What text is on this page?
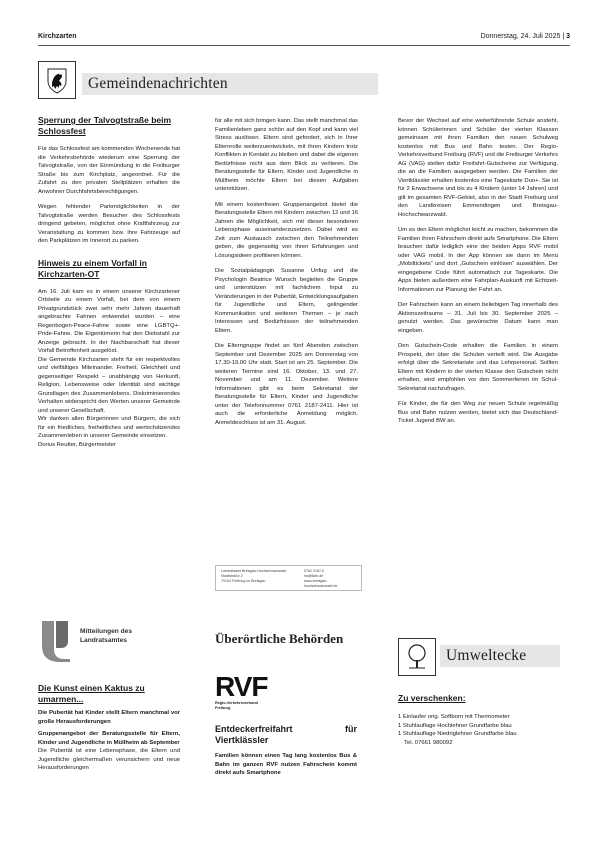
Kirchzarten	Donnerstag, 24. Juli 2025 | 3
Gemeindenachrichten
Sperrung der Talvogtstraße beim Schlossfest

Für das Schlossfest am kommenden Wochenende hat die Verkehrsbehörde wiederum eine Sperrung der Talvogtstraße, von der Einmündung in die Freiburger Straße bis zum Kirchplatz, angeordnet. Für die Zufahrt zu den privaten Stellplätzen erhalten die Anwohner Durchfahrtsberechtigungen.

Wegen fehlender Parkmöglichkeiten in der Talvogtstraße werden Besucher des Schlossfests dringend gebeten, möglichst ohne Kraftfahrzeug zur Veranstaltung zu kommen bzw. ihre Fahrzeuge auf den Parkplätzen im Innerort zu parken.

Hinweis zu einem Vorfall in Kirchzarten-OT

Am 16. Juli kam es in einem unserer Kirchzartener Ortsteile zu einem Vorfall, bei dem von einem Privatgrundstück zwei sehr mehr Jahren dauerhaft angebrachte Fahnen entwendet wurden – eine Regenbogen-Peace-Fahne sowie eine LGBTQ+-Pride-Fahne. Die Eigentümerin hat den Diebstahl zur Anzeige gebracht. In der Nachbarschaft hat dieser Vorfall Betroffenheit ausgelöst.

Die Gemeinde Kirchzarten steht für ein respektvolles und vielfältiges Miteinander. Freiheit, Gleichheit und gegenseitiger Respekt – unabhängig von Herkunft, Religion, Lebensweise oder Identität sind wichtige Grundlagen des Zusammenlebens. Diskriminierendes Verhalten widerspricht den Werten unserer Gemeinde und unserer Gesellschaft.

Wir danken allen Bürgerinnen und Bürgern, die sich für ein friedliches, freiheitliches und wertschätzendes Zusammenleben in unserer Gemeinde einsetzen.

Dorius Reutter, Bürgermeister

für alle mit sich bringen kann. Das stellt manchmal das Familienleben ganz schön auf den Kopf und kann viel Stress auslösen. Eltern sind gefordert, sich in Ihrer Elternrolle weiterzuentwickeln, mit ihren Kindern trotz Konflikten in Kontakt zu bleiben und dabei die eigenen Bedürfnisse nicht aus dem Blick zu verlieren. Die Beratungsstelle für Eltern, Kinder und Jugendliche in Müllheim möchte Eltern bei diesen Aufgaben unterstützen.

Mit einem kostenfreien Gruppenangebot bietet die Beratungsstelle Eltern mit Kindern zwischen 12 und 16 Jahren die Möglichkeit, sich mit dieser besonderen Lebensphase auseinanderzusetzen. Dabei wird es Zeit zum Austausch zwischen den Teilnehmenden geben, die gegenseitig von ihren Erfahrungen und Lösungsideen profitieren können.

Die Sozialpädagogin Susanne Unfug und die Psychologin Beatrice Wunsch begleiten die Gruppe und unterstützen mit fachlichem Input zu Veränderungen in der Pubertät, Entwicklungsaufgaben für Jugendliche und Eltern, gelingender Kommunikation und weiteren Themen – je nach Interessen und Bedürfnissen der teilnehmenden Eltern.

Die Elterngruppe findet an fünf Abenden zwischen September und Dezember 2025 am Donnerstag von 17.30-19.00 Uhr statt. Start ist am 25. September. Die weiteren Termine sind 16. Oktober, 13. und 27. November und am 11. Dezember. Weitere Informationen gibt es beim Sekretariat der Beratungsstelle für Eltern, Kinder und Jugendliche unter der Telefonnummer 0761 2187-2411. Hier ist auch die erforderliche Anmeldung möglich. Anmeldeschluss ist am 31. August.

Landratsamt Breisgau-Hochschwarzwald
Stadtstraße 2
79104 Freiburg im Breisgau
0761 2187-0
lra@lkbh.de
www.breisgau-hochschwarzwald.de

Bevor der Wechsel auf eine weiterführende Schule ansteht, können Schülerinnen und Schüler der vierten Klassen gemeinsam mit ihren Familien den neuen Schulweg kostenlos mit Bus und Bahn testen. Der Regio-Verkehrsverbund Freiburg (RVF) und die Freiburger Verkehrs AG (VAG) stellen dafür Freifahrt-Gutscheine zur Verfügung, die an die Familien ausgegeben werden. Die Familien der Viertklässler erhalten kostenlos eine Tageskarte Duo+. Sie ist für 2 Erwachsene und bis zu 4 Kindern (unter 14 Jahren) und gilt im gesamten RVF-Gebiet, also in der Stadt Freiburg und den Landkreisen Emmendingen und Breisgau-Hochschwarzwald.

Um es den Eltern möglichst leicht zu machen, bekommen die Familien ihren Fahrschein direkt aufs Smartphone. Die Eltern brauchen dafür lediglich eine der beiden Apps RVF mobil oder VAG mobil. In der App können sie dann im Menü „Mobiltickets“ und dort „Gutschein einlösen“ auswählen. Der eingegebene Code führt automatisch zur Tageskarte. Die Apps bieten außerdem eine Fahrplan-Auskunft mit Echtzeit-Informationen zur Planung der Fahrt an.

Der Fahrschein kann an einem beliebigen Tag innerhalb des Aktionszeitraums – 31. Juli bis 30. September 2025 – genutzt werden. Das gewünschte Datum kann man eingeben.

Den Gutschein-Code erhalten die Familien in einem Prospekt, der über die Schulen verteilt wird. Die Ausgabe erfolgt über die Sekretariate und das Lehrpersonal. Sollten Eltern mit Kindern in der vierten Klasse den Gutschein nicht erhalten, wird empfohlen vor den Sommerferien im Schul-Sekretariat nachzufragen.

Für Kinder, die für den Weg zur neuen Schule regelmäßig Bus und Bahn nutzen werden, bietet sich das Deutschland-Ticket Jugend BW an.

Mitteilungen des Landratsamtes
Die Kunst einen Kaktus zu umarmen...

Die Pubertät hat Kinder stellt Eltern manchmal vor große Herausforderungen

Gruppenangebot der Beratungsstelle für Eltern, Kinder und Jugendliche in Müllheim ab September

Die Pubertät ist eine Lebensphase, die Eltern und Jugendliche gleichermaßen verunsichern und neue Herausforderungen

Überörtliche Behörden
RVF
Regio-Verkehrsverbund Freiburg
Entdeckerfreifahrt für Viertklässler

Familien können einen Tag lang kostenlos Bus & Bahn im ganzen RVF nutzen Fahrschein kommt direkt aufs Smartphone

Umweltecke
Zu verschenken:
1 Einlaufer orig. Softborn mit Thermometer
1 Stuhlauflage Hochlehner Grundfarbe blau
1 Stuhlauflage Niedriglehner Grundfarbe blau
Tel. 07661 980092
